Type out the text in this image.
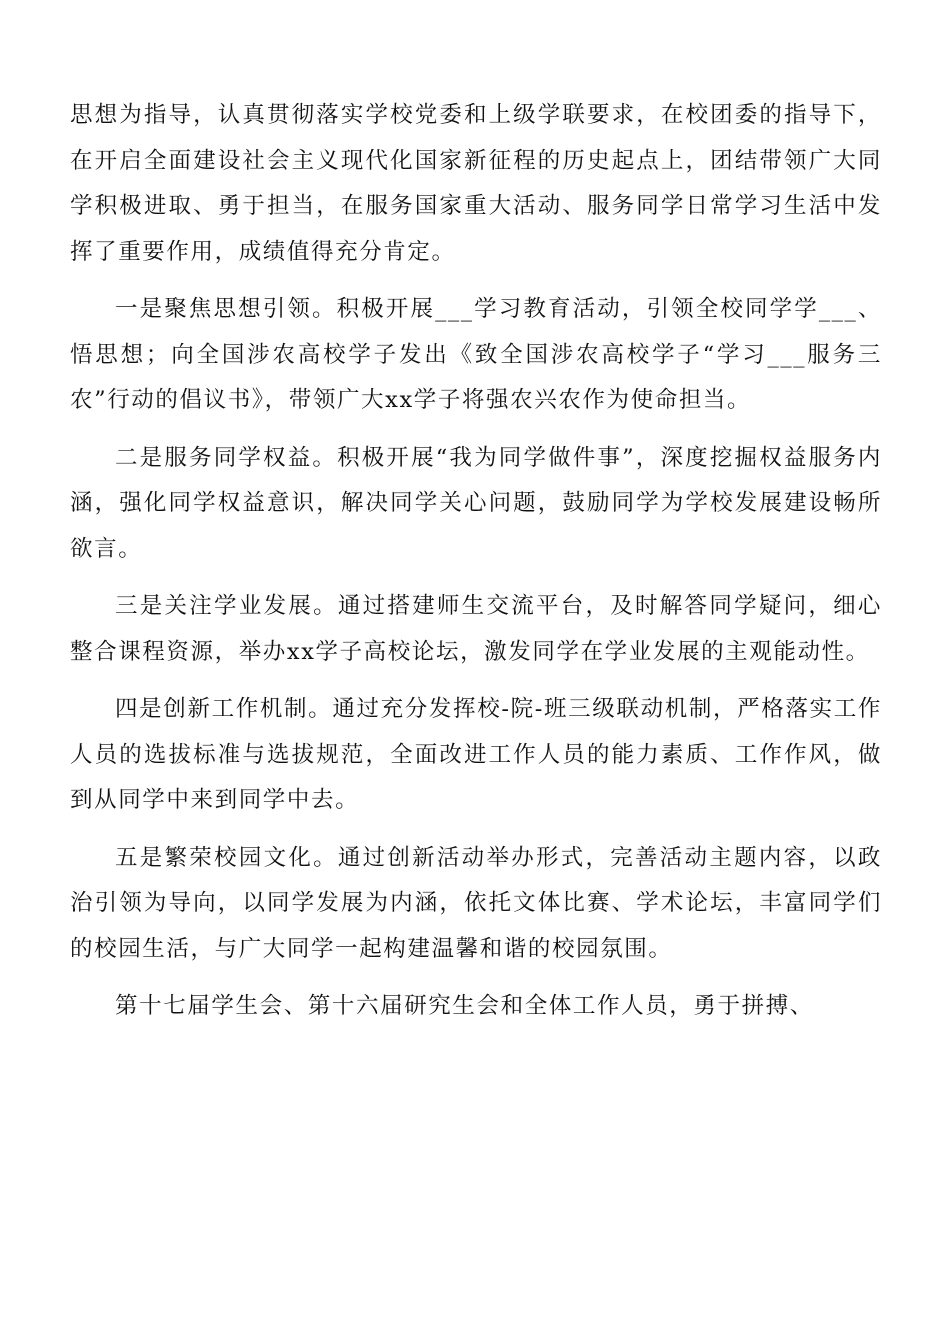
思想为指导，认真贯彻落实学校党委和上级学联要求，在校团委的指导下，在开启全面建设社会主义现代化国家新征程的历史起点上，团结带领广大同学积极进取、勇于担当，在服务国家重大活动、服务同学日常学习生活中发挥了重要作用，成绩值得充分肯定。

一是聚焦思想引领。积极开展___学习教育活动，引领全校同学学___、悟思想；向全国涉农高校学子发出《致全国涉农高校学子“学习___服务三农”行动的倡议书》，带领广大xx学子将强农兴农作为使命担当。

二是服务同学权益。积极开展“我为同学做件事”，深度挖掘权益服务内涵，强化同学权益意识，解决同学关心问题，鼓励同学为学校发展建设畅所欲言。

三是关注学业发展。通过搭建师生交流平台，及时解答同学疑问，细心整合课程资源，举办xx学子高校论坛，激发同学在学业发展的主观能动性。

四是创新工作机制。通过充分发挥校-院-班三级联动机制，严格落实工作人员的选拔标准与选拔规范，全面改进工作人员的能力素质、工作作风，做到从同学中来到同学中去。

五是繁荣校园文化。通过创新活动举办形式，完善活动主题内容，以政治引领为导向，以同学发展为内涵，依托文体比赛、学术论坛，丰富同学们的校园生活，与广大同学一起构建温馨和谐的校园氛围。

第十七届学生会、第十六届研究生会和全体工作人员，勇于拼搏、
